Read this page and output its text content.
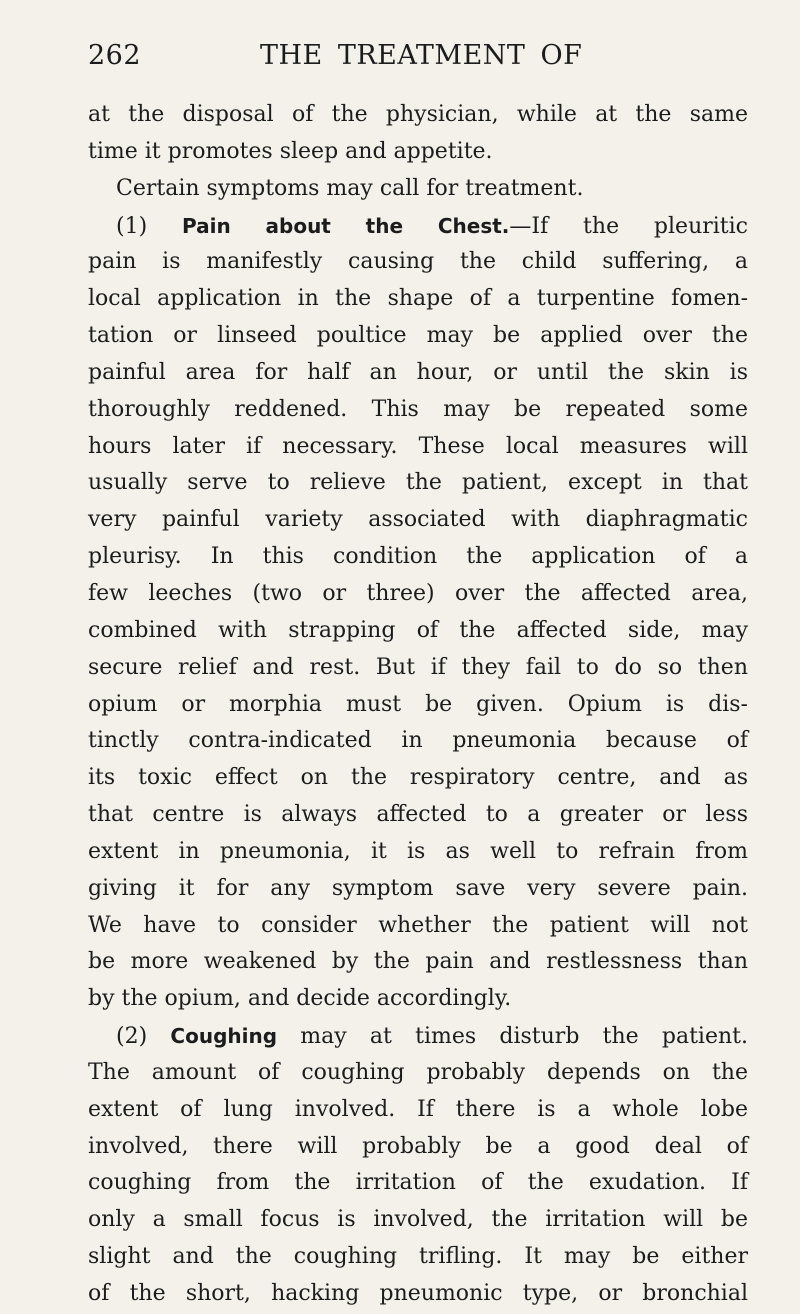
262	THE TREATMENT OF
at the disposal of the physician, while at the same
time it promotes sleep and appetite.
Certain symptoms may call for treatment.
(1) Pain about the Chest.—If the pleuritic
pain is manifestly causing the child suffering, a
local application in the shape of a turpentine fomen-
tation or linseed poultice may be applied over the
painful area for half an hour, or until the skin is
thoroughly reddened. This may be repeated some
hours later if necessary. These local measures will
usually serve to relieve the patient, except in that
very painful variety associated with diaphragmatic
pleurisy. In this condition the application of a
few leeches (two or three) over the affected area,
combined with strapping of the affected side, may
secure relief and rest. But if they fail to do so then
opium or morphia must be given. Opium is dis-
tinctly contra-indicated in pneumonia because of
its toxic effect on the respiratory centre, and as
that centre is always affected to a greater or less
extent in pneumonia, it is as well to refrain from
giving it for any symptom save very severe pain.
We have to consider whether the patient will not
be more weakened by the pain and restlessness than
by the opium, and decide accordingly.
(2) Coughing may at times disturb the patient.
The amount of coughing probably depends on the
extent of lung involved. If there is a whole lobe
involved, there will probably be a good deal of
coughing from the irritation of the exudation. If
only a small focus is involved, the irritation will be
slight and the coughing trifling. It may be either
of the short, hacking pneumonic type, or bronchial
